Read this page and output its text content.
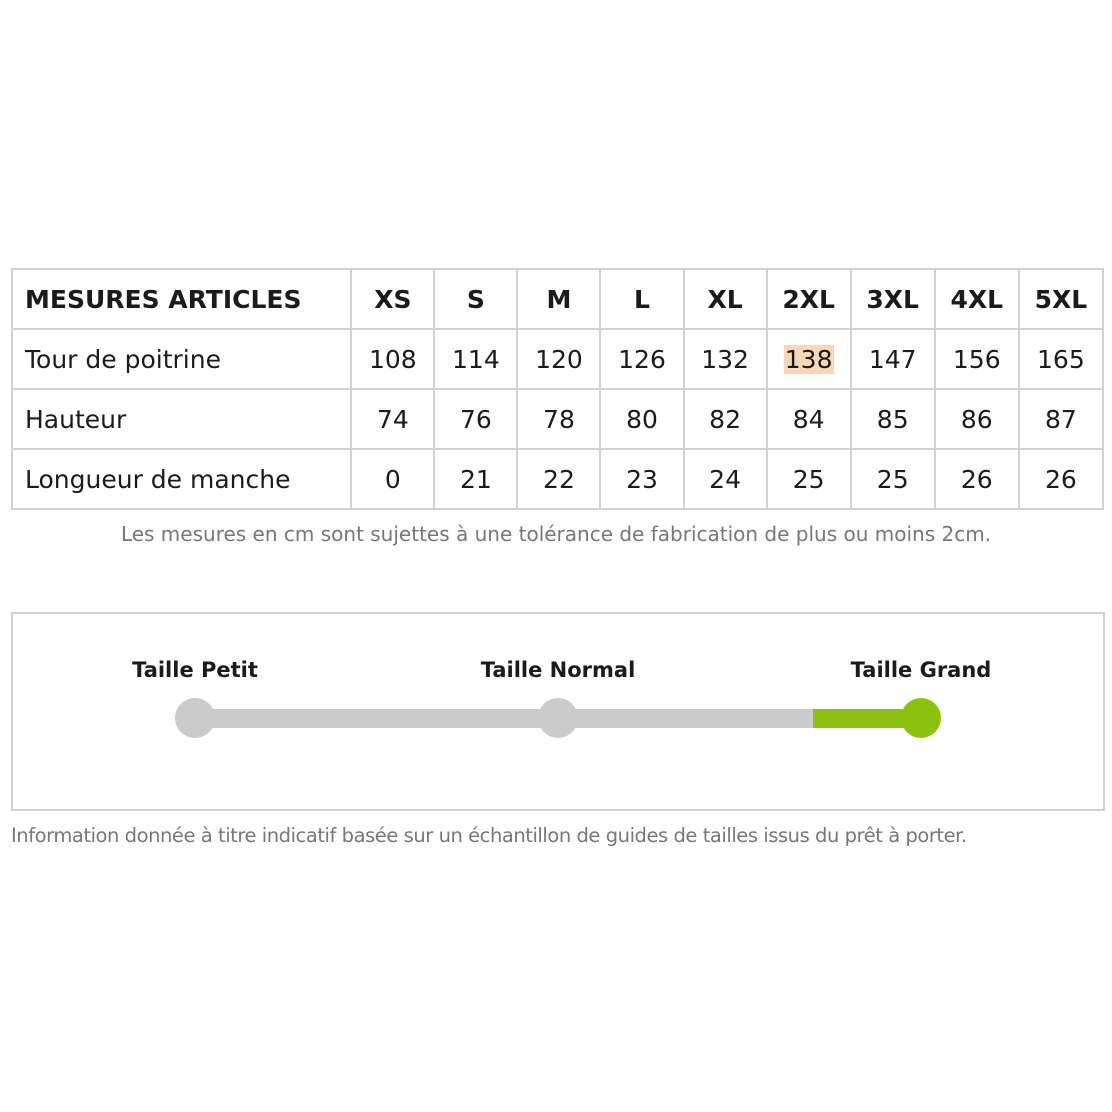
MESURES ARTICLES	XS	S	M	L	XL	2XL	3XL	4XL	5XL
Tour de poitrine	108	114	120	126	132	138	147	156	165
Hauteur	74	76	78	80	82	84	85	86	87
Longueur de manche	0	21	22	23	24	25	25	26	26
Les mesures en cm sont sujettes à une tolérance de fabrication de plus ou moins 2cm.
Taille Petit	Taille Normal	Taille Grand
Information donnée à titre indicatif basée sur un échantillon de guides de tailles issus du prêt à porter.
